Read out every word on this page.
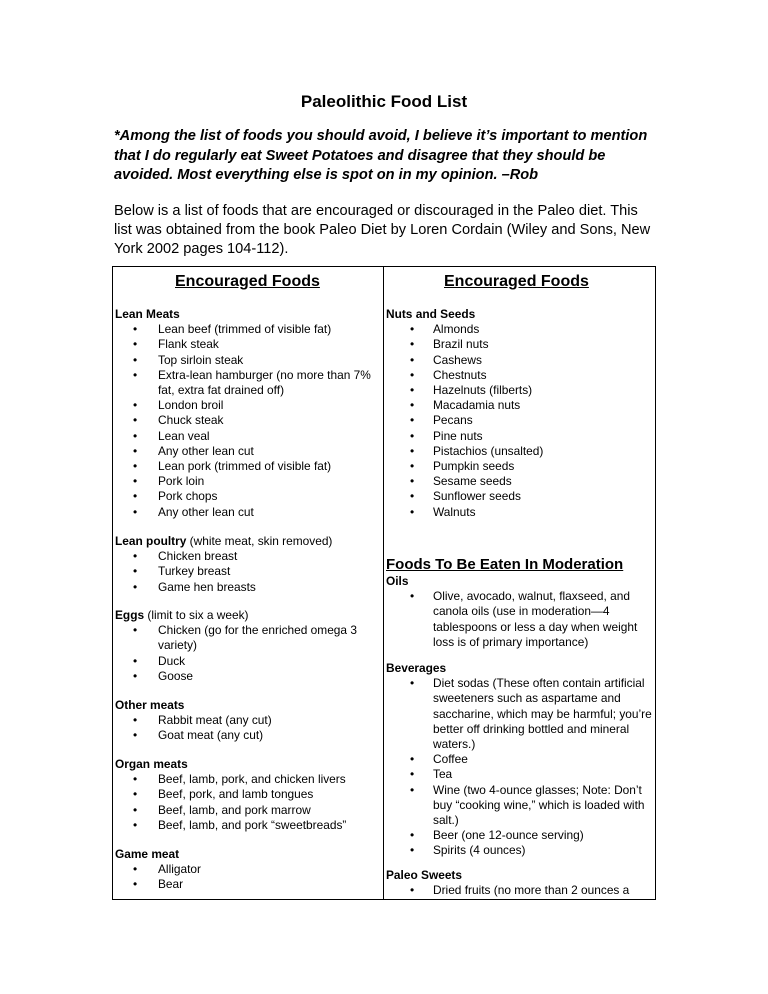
Paleolithic Food List
*Among the list of foods you should avoid, I believe it’s important to mention that I do regularly eat Sweet Potatoes and disagree that they should be avoided. Most everything else is spot on in my opinion. –Rob
Below is a list of foods that are encouraged or discouraged in the Paleo diet. This list was obtained from the book Paleo Diet by Loren Cordain (Wiley and Sons, New York 2002 pages 104-112).
Encouraged Foods
Lean Meats
• Lean beef (trimmed of visible fat)
• Flank steak
• Top sirloin steak
• Extra-lean hamburger (no more than 7% fat, extra fat drained off)
• London broil
• Chuck steak
• Lean veal
• Any other lean cut
• Lean pork (trimmed of visible fat)
• Pork loin
• Pork chops
• Any other lean cut
Lean poultry (white meat, skin removed)
• Chicken breast
• Turkey breast
• Game hen breasts
Eggs (limit to six a week)
• Chicken (go for the enriched omega 3 variety)
• Duck
• Goose
Other meats
• Rabbit meat (any cut)
• Goat meat (any cut)
Organ meats
• Beef, lamb, pork, and chicken livers
• Beef, pork, and lamb tongues
• Beef, lamb, and pork marrow
• Beef, lamb, and pork “sweetbreads”
Game meat
• Alligator
• Bear
Encouraged Foods
Nuts and Seeds
• Almonds
• Brazil nuts
• Cashews
• Chestnuts
• Hazelnuts (filberts)
• Macadamia nuts
• Pecans
• Pine nuts
• Pistachios (unsalted)
• Pumpkin seeds
• Sesame seeds
• Sunflower seeds
• Walnuts
Foods To Be Eaten In Moderation
Oils
• Olive, avocado, walnut, flaxseed, and canola oils (use in moderation—4 tablespoons or less a day when weight loss is of primary importance)
Beverages
• Diet sodas (These often contain artificial sweeteners such as aspartame and saccharine, which may be harmful; you’re better off drinking bottled and mineral waters.)
• Coffee
• Tea
• Wine (two 4-ounce glasses; Note: Don’t buy “cooking wine,” which is loaded with salt.)
• Beer (one 12-ounce serving)
• Spirits (4 ounces)
Paleo Sweets
• Dried fruits (no more than 2 ounces a
